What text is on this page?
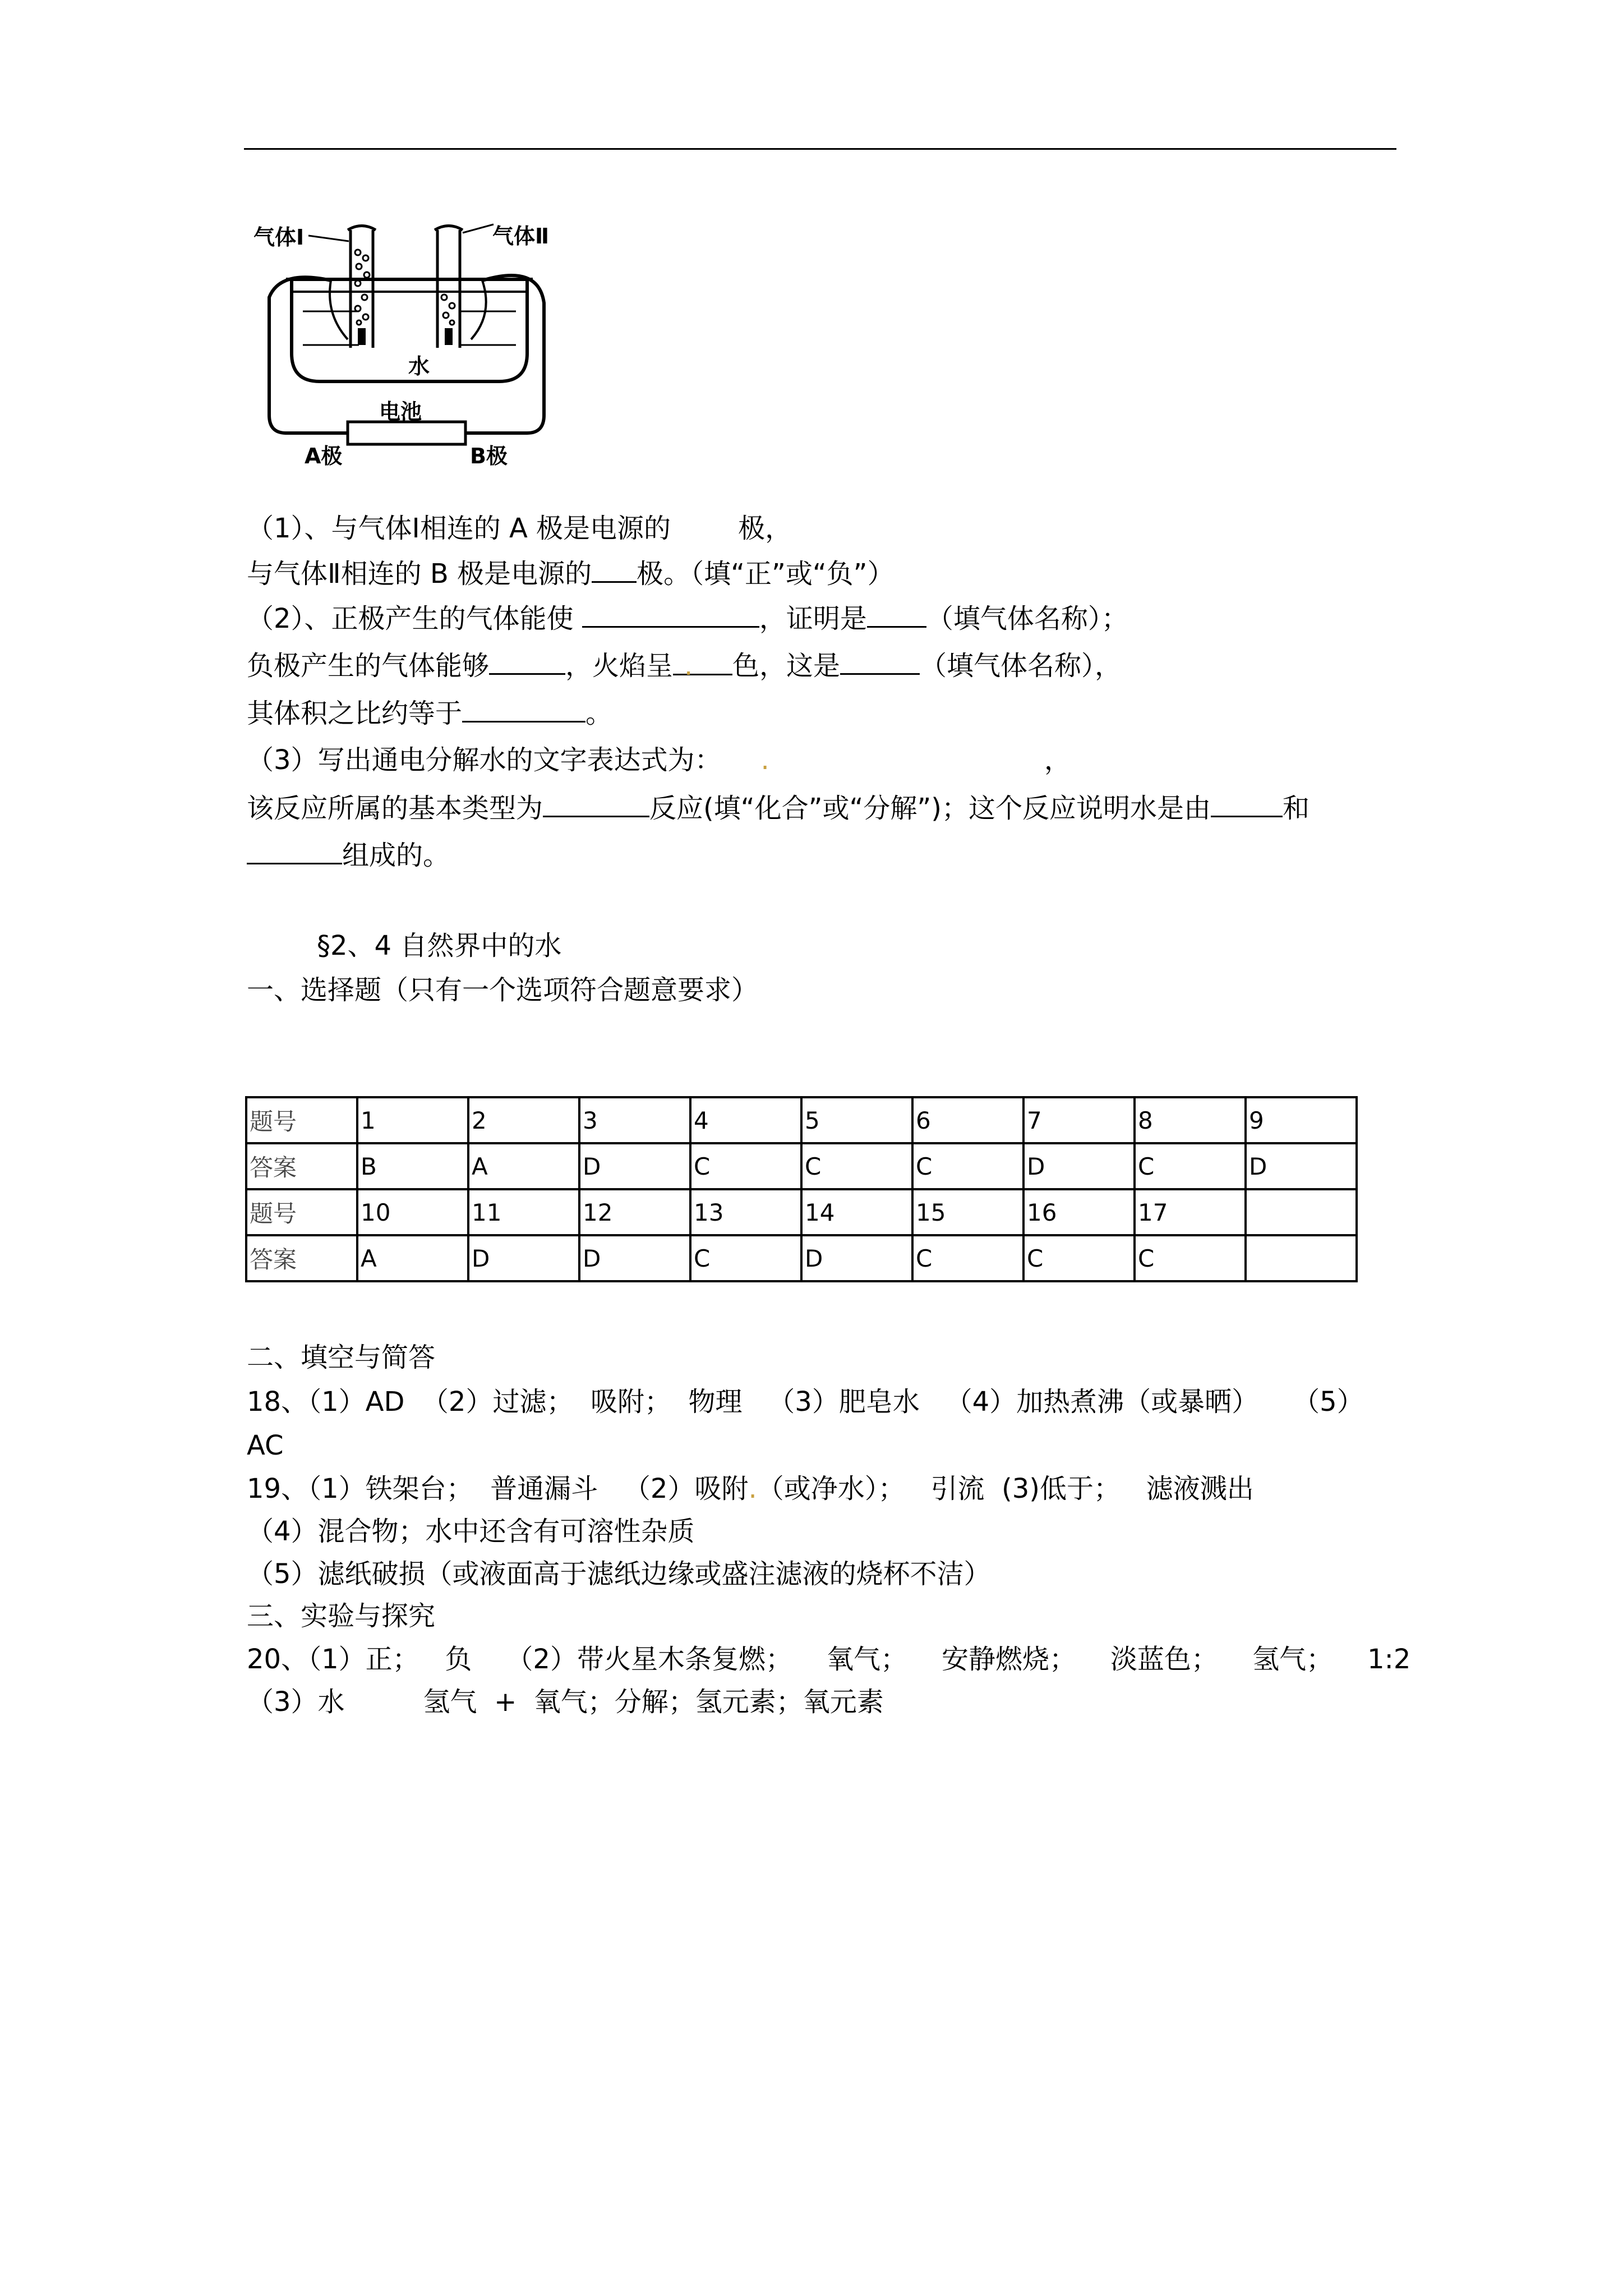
气体Ⅰ	气体Ⅱ
水
电池
A极	B极
（1）、与气体Ⅰ相连的 A 极是电源的	极，
与气体Ⅱ相连的 B 极是电源的 极。（填“正”或“负”）
（2）、正极产生的气体能使	，证明是 （填气体名称）；
负极产生的气体能够	，火焰呈 . 色，这是	（填气体名称），
其体积之比约等于	。
（3）写出通电分解水的文字表达式为： .	，
该反应所属的基本类型为	反应(填“化合”或“分解”)；这个反应说明水是由	和
组成的。
§2、4 自然界中的水
一、选择题（只有一个选项符合题意要求）
题号	1	2	3	4	5	6	7	8	9
答案	B	A	D	C	C	C	D	C	D
题号	10	11	12	13	14	15	16	17	
答案	A	D	D	C	D	C	C	C	
二、填空与简答
18、（1）AD  （2）过滤；  吸附；  物理   （3）肥皂水   （4）加热煮沸（或暴晒）    （5）
AC
19、（1）铁架台；  普通漏斗   （2）吸附.（或净水）；   引流  (3)低于；   滤液溅出
（4）混合物；水中还含有可溶性杂质
（5）滤纸破损（或液面高于滤纸边缘或盛注滤液的烧杯不洁）
三、实验与探究
20、（1）正；   负    （2）带火星木条复燃；    氧气；    安静燃烧；    淡蓝色；    氢气；    1:2
（3）水	氢气  +  氧气；分解；氢元素；氧元素
